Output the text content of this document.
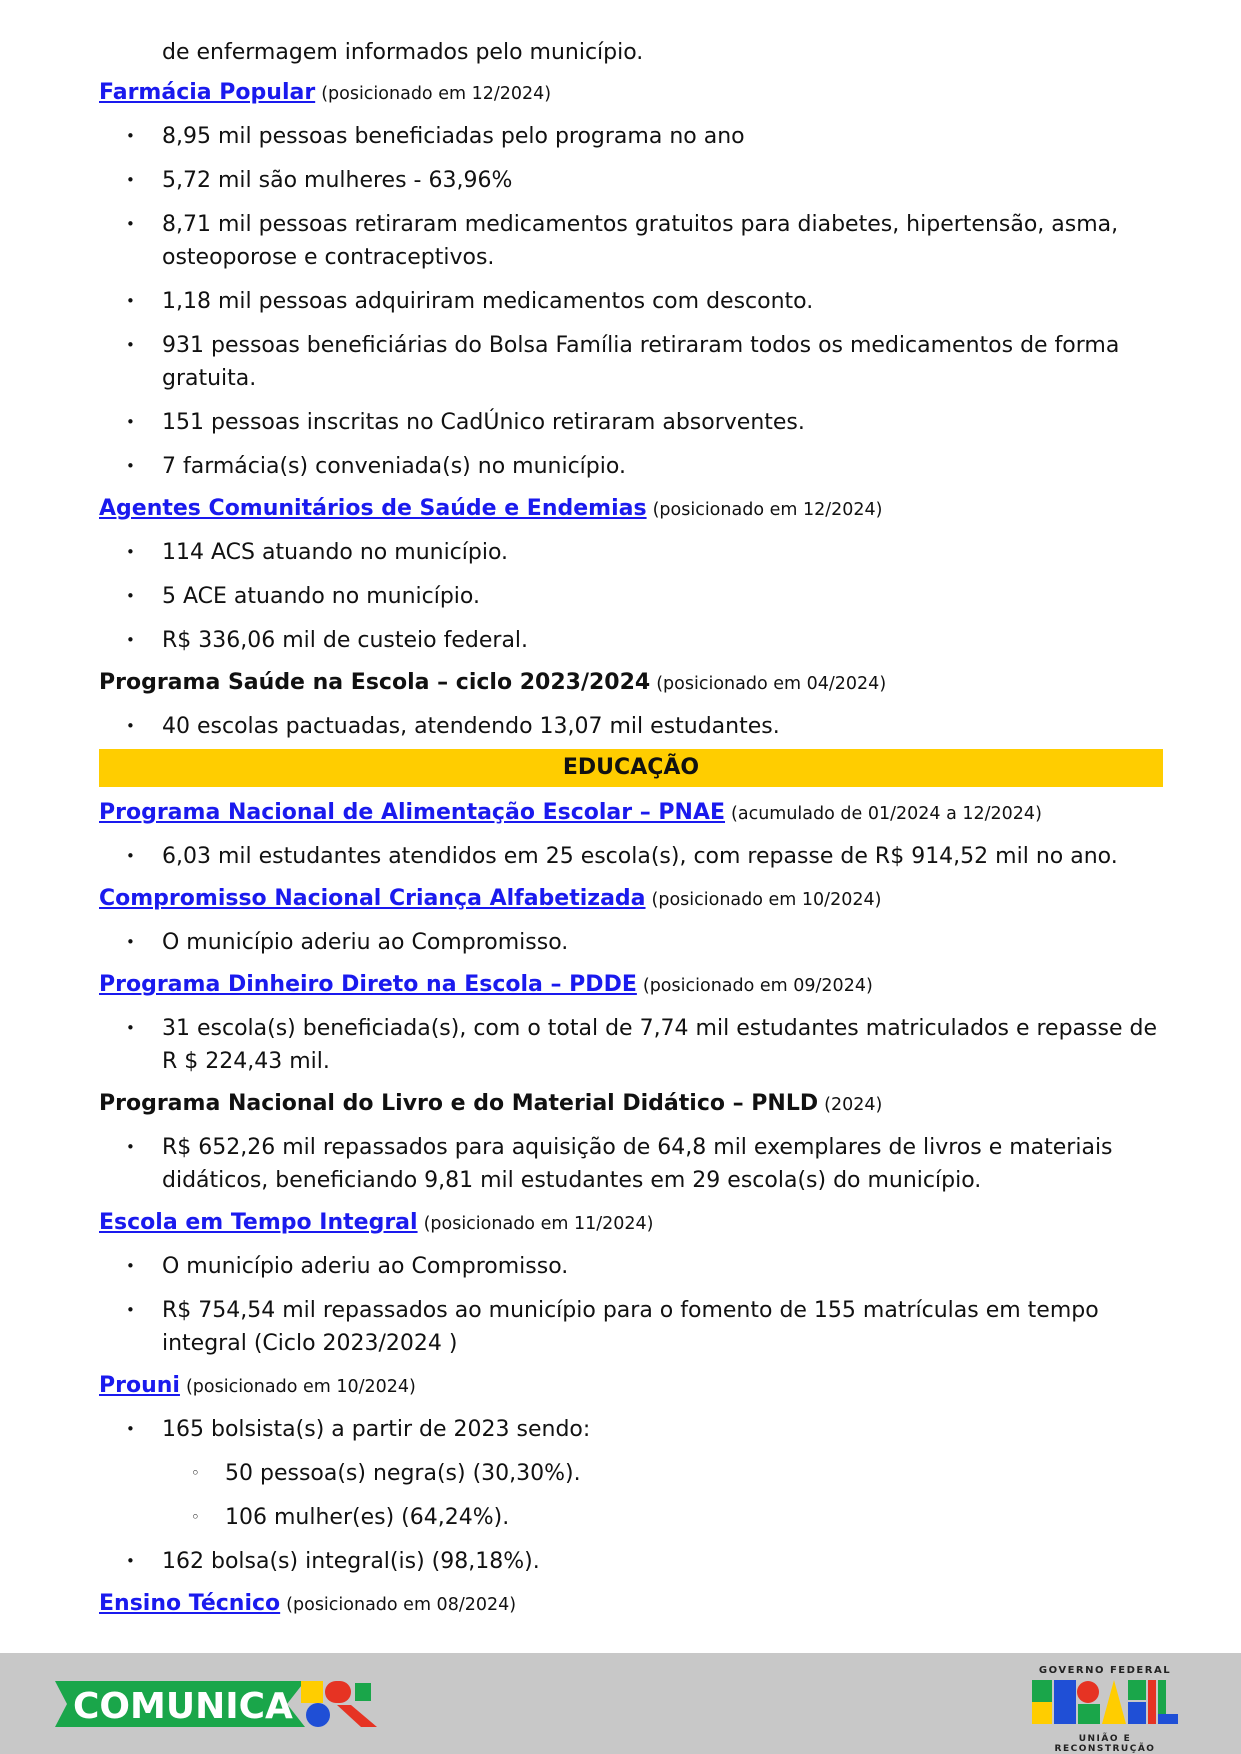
de enfermagem informados pelo município.

Farmácia Popular (posicionado em 12/2024)
• 8,95 mil pessoas beneficiadas pelo programa no ano
• 5,72 mil são mulheres - 63,96%
• 8,71 mil pessoas retiraram medicamentos gratuitos para diabetes, hipertensão, asma, osteoporose e contraceptivos.
• 1,18 mil pessoas adquiriram medicamentos com desconto.
• 931 pessoas beneficiárias do Bolsa Família retiraram todos os medicamentos de forma gratuita.
• 151 pessoas inscritas no CadÚnico retiraram absorventes.
• 7 farmácia(s) conveniada(s) no município.
Agentes Comunitários de Saúde e Endemias (posicionado em 12/2024)
• 114 ACS atuando no município.
• 5 ACE atuando no município.
• R$ 336,06 mil de custeio federal.
Programa Saúde na Escola – ciclo 2023/2024 (posicionado em 04/2024)
• 40 escolas pactuadas, atendendo 13,07 mil estudantes.
EDUCAÇÃO
Programa Nacional de Alimentação Escolar – PNAE (acumulado de 01/2024 a 12/2024)
• 6,03 mil estudantes atendidos em 25 escola(s), com repasse de R$ 914,52 mil no ano.
Compromisso Nacional Criança Alfabetizada (posicionado em 10/2024)
• O município aderiu ao Compromisso.
Programa Dinheiro Direto na Escola – PDDE (posicionado em 09/2024)
• 31 escola(s) beneficiada(s), com o total de 7,74 mil estudantes matriculados e repasse de R $ 224,43 mil.
Programa Nacional do Livro e do Material Didático – PNLD (2024)
• R$ 652,26 mil repassados para aquisição de 64,8 mil exemplares de livros e materiais didáticos, beneficiando 9,81 mil estudantes em 29 escola(s) do município.
Escola em Tempo Integral (posicionado em 11/2024)
• O município aderiu ao Compromisso.
• R$ 754,54 mil repassados ao município para o fomento de 155 matrículas em tempo integral (Ciclo 2023/2024 )
Prouni (posicionado em 10/2024)
• 165 bolsista(s) a partir de 2023 sendo:
◦ 50 pessoa(s) negra(s) (30,30%).
◦ 106 mulher(es) (64,24%).
• 162 bolsa(s) integral(is) (98,18%).
Ensino Técnico (posicionado em 08/2024)
COMUNICA
GOVERNO FEDERAL
UNIÃO E RECONSTRUÇÃO
